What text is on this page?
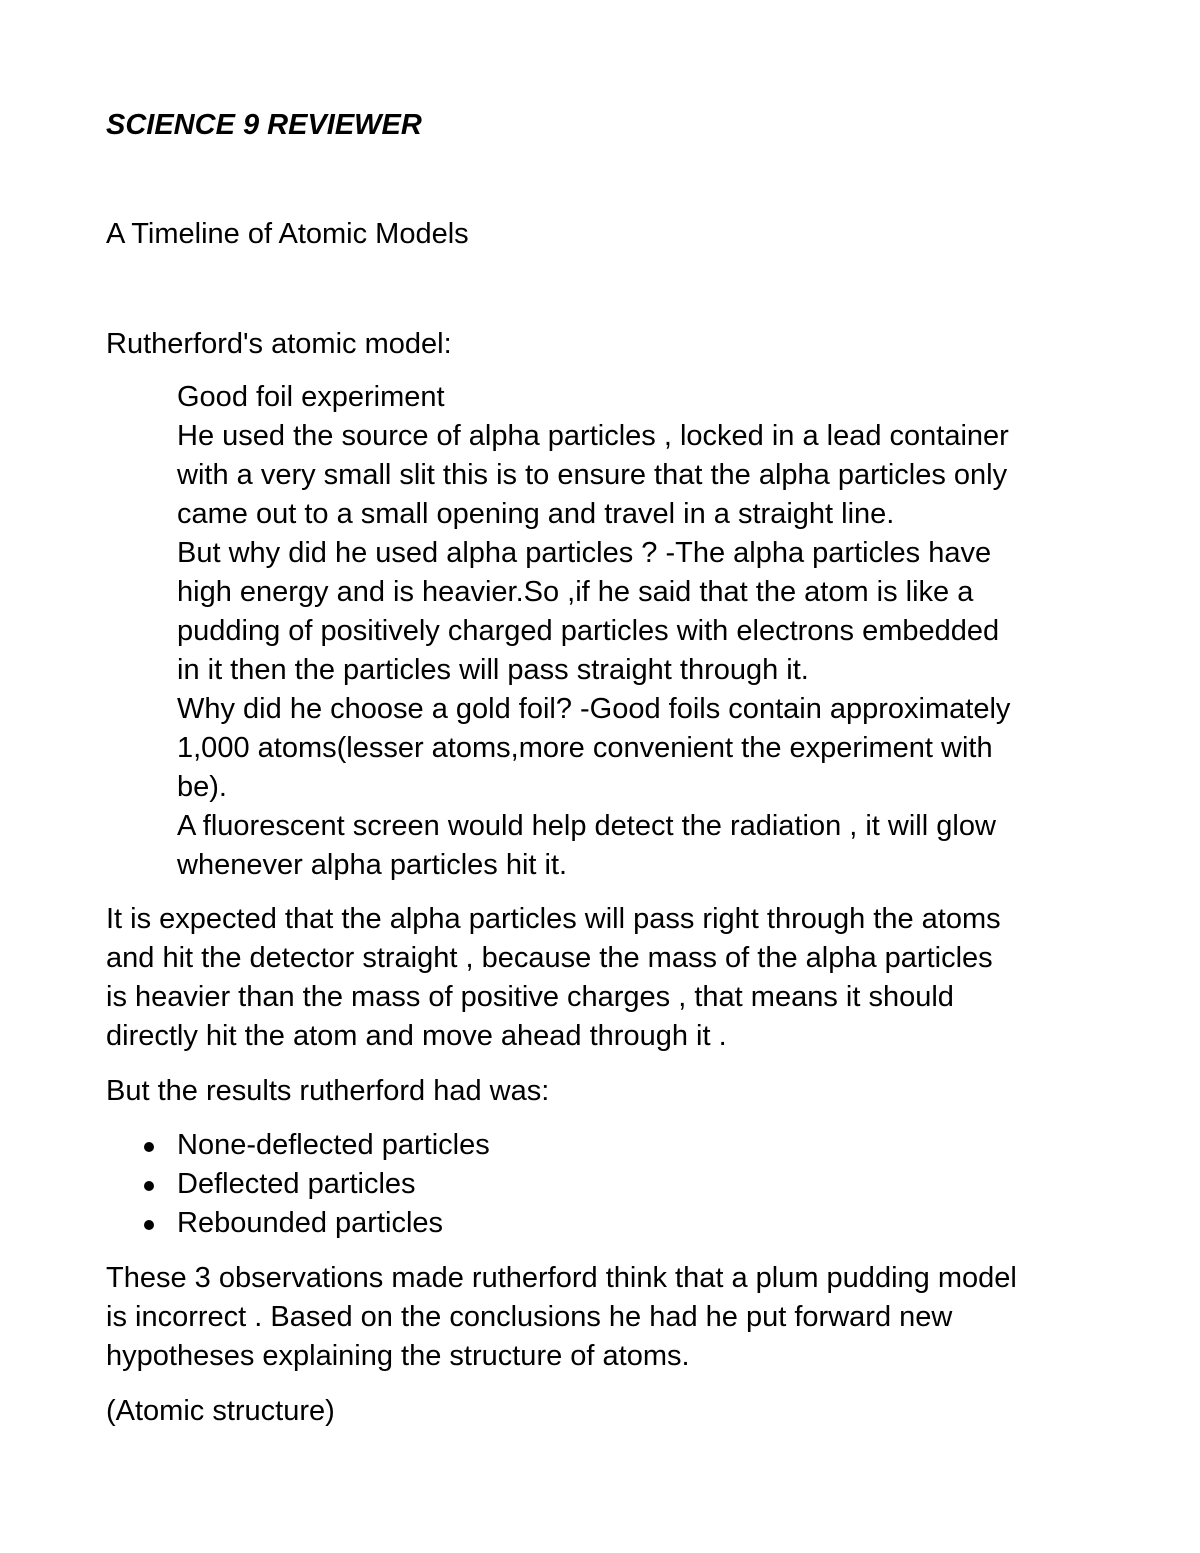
SCIENCE 9 REVIEWER

A Timeline of Atomic Models

Rutherford's atomic model:

Good foil experiment
He used the source of alpha particles , locked in a lead container
with a very small slit this is to ensure that the alpha particles only
came out to a small opening and travel in a straight line.
But why did he used alpha particles ? -The alpha particles have
high energy and is heavier.So ,if he said that the atom is like a
pudding of positively charged particles with electrons embedded
in it then the particles will pass straight through it.
Why did he choose a gold foil? -Good foils contain approximately
1,000 atoms(lesser atoms,more convenient the experiment with
be).
A fluorescent screen would help detect the radiation , it will glow
whenever alpha particles hit it.
It is expected that the alpha particles will pass right through the atoms
and hit the detector straight , because the mass of the alpha particles
is heavier than the mass of positive charges , that means it should
directly hit the atom and move ahead through it .

But the results rutherford had was:

None-deflected particles
Deflected particles
Rebounded particles
These 3 observations made rutherford think that a plum pudding model
is incorrect . Based on the conclusions he had he put forward new
hypotheses explaining the structure of atoms.

(Atomic structure)
